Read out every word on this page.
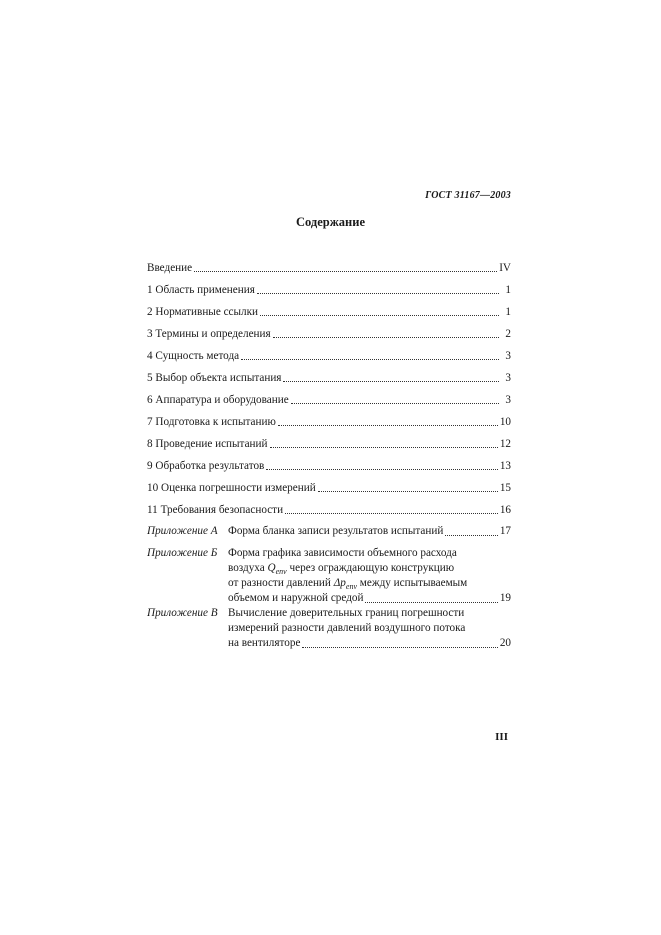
ГОСТ 31167—2003
Содержание
Введение	IV
1 Область применения	1
2 Нормативные ссылки	1
3 Термины и определения	2
4 Сущность метода	3
5 Выбор объекта испытания	3
6 Аппаратура и оборудование	3
7 Подготовка к испытанию	10
8 Проведение испытаний	12
9 Обработка результатов	13
10 Оценка погрешности измерений	15
11 Требования безопасности	16
Приложение А Форма бланка записи результатов испытаний	17
Приложение Б Форма графика зависимости объемного расхода
воздуха $Q_{env}$ через ограждающую конструкцию
от разности давлений $\Delta p_{env}$ между испытываемым
объемом и наружной средой	19
Приложение В Вычисление доверительных границ погрешности
измерений разности давлений воздушного потока
на вентиляторе	20
III
